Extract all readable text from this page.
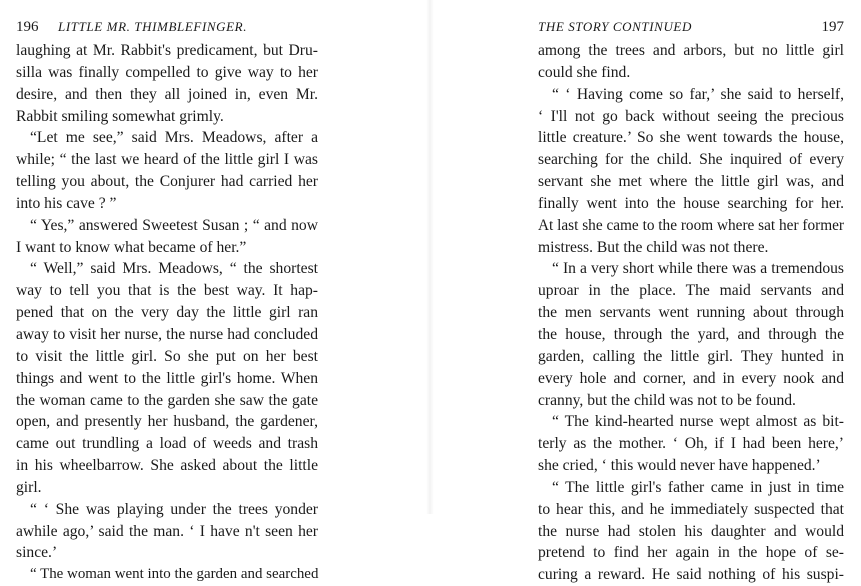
196 LITTLE MR. THIMBLEFINGER.
laughing at Mr. Rabbit's predicament, but Dru-
silla was finally compelled to give way to her
desire, and then they all joined in, even Mr.
Rabbit smiling somewhat grimly.
“Let me see,” said Mrs. Meadows, after a
while; “ the last we heard of the little girl I was
telling you about, the Conjurer had carried her
into his cave ? ”
“ Yes,” answered Sweetest Susan ; “ and now
I want to know what became of her.”
“ Well,” said Mrs. Meadows, “ the shortest
way to tell you that is the best way. It hap-
pened that on the very day the little girl ran
away to visit her nurse, the nurse had concluded
to visit the little girl. So she put on her best
things and went to the little girl's home. When
the woman came to the garden she saw the gate
open, and presently her husband, the gardener,
came out trundling a load of weeds and trash
in his wheelbarrow. She asked about the little
girl.
“ ‘ She was playing under the trees yonder
awhile ago,’ said the man. ‘ I have n't seen her
since.’
“ The woman went into the garden and searched
THE STORY CONTINUED	197
among the trees and arbors, but no little girl
could she find.
“ ‘ Having come so far,’ she said to herself,
‘ I'll not go back without seeing the precious
little creature.’ So she went towards the house,
searching for the child. She inquired of every
servant she met where the little girl was, and
finally went into the house searching for her.
At last she came to the room where sat her former
mistress. But the child was not there.
“ In a very short while there was a tremendous
uproar in the place. The maid servants and
the men servants went running about through
the house, through the yard, and through the
garden, calling the little girl. They hunted in
every hole and corner, and in every nook and
cranny, but the child was not to be found.
“ The kind-hearted nurse wept almost as bit-
terly as the mother. ‘ Oh, if I had been here,’
she cried, ‘ this would never have happened.’
“ The little girl's father came in just in time
to hear this, and he immediately suspected that
the nurse had stolen his daughter and would
pretend to find her again in the hope of se-
curing a reward. He said nothing of his suspi-
